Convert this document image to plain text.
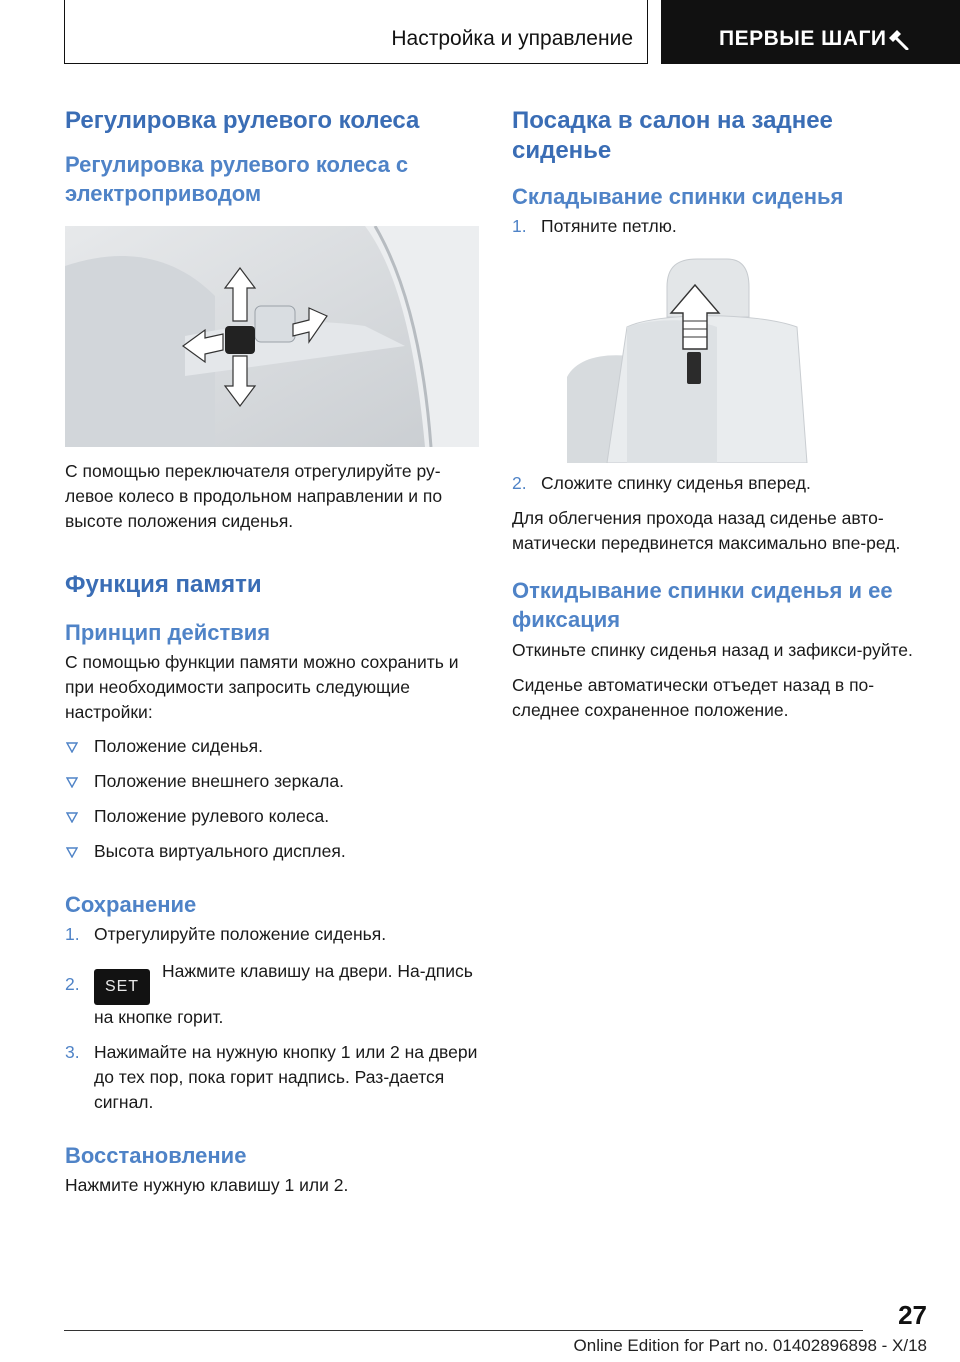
Настройка и управление	ПЕРВЫЕ ШАГИ
Регулировка рулевого колеса
Регулировка рулевого колеса с электроприводом

С помощью переключателя отрегулируйте ру‐левое колесо в продольном направлении и по высоте положения сиденья.

Функция памяти
Принцип действия

С помощью функции памяти можно сохранить и при необходимости запросить следующие настройки:

Положение сиденья.
Положение внешнего зеркала.
Положение рулевого колеса.
Высота виртуального дисплея.
Сохранение
1. Отрегулируйте положение сиденья.
2. SETНажмите клавишу на двери. На‐дпись на кнопке горит.
3. Нажимайте на нужную кнопку 1 или 2 на двери до тех пор, пока горит надпись. Раз‐дается сигнал.
Восстановление

Нажмите нужную клавишу 1 или 2.

Посадка в салон на заднее сиденье
Складывание спинки сиденья
1. Потяните петлю.
2. Сложите спинку сиденья вперед.

Для облегчения прохода назад сиденье авто‐матически передвинется максимально впе‐ред.

Откидывание спинки сиденья и ее фиксация

Откиньте спинку сиденья назад и зафикси‐руйте.

Сиденье автоматически отъедет назад в по‐следнее сохраненное положение.

27
Online Edition for Part no. 01402896898 - X/18
